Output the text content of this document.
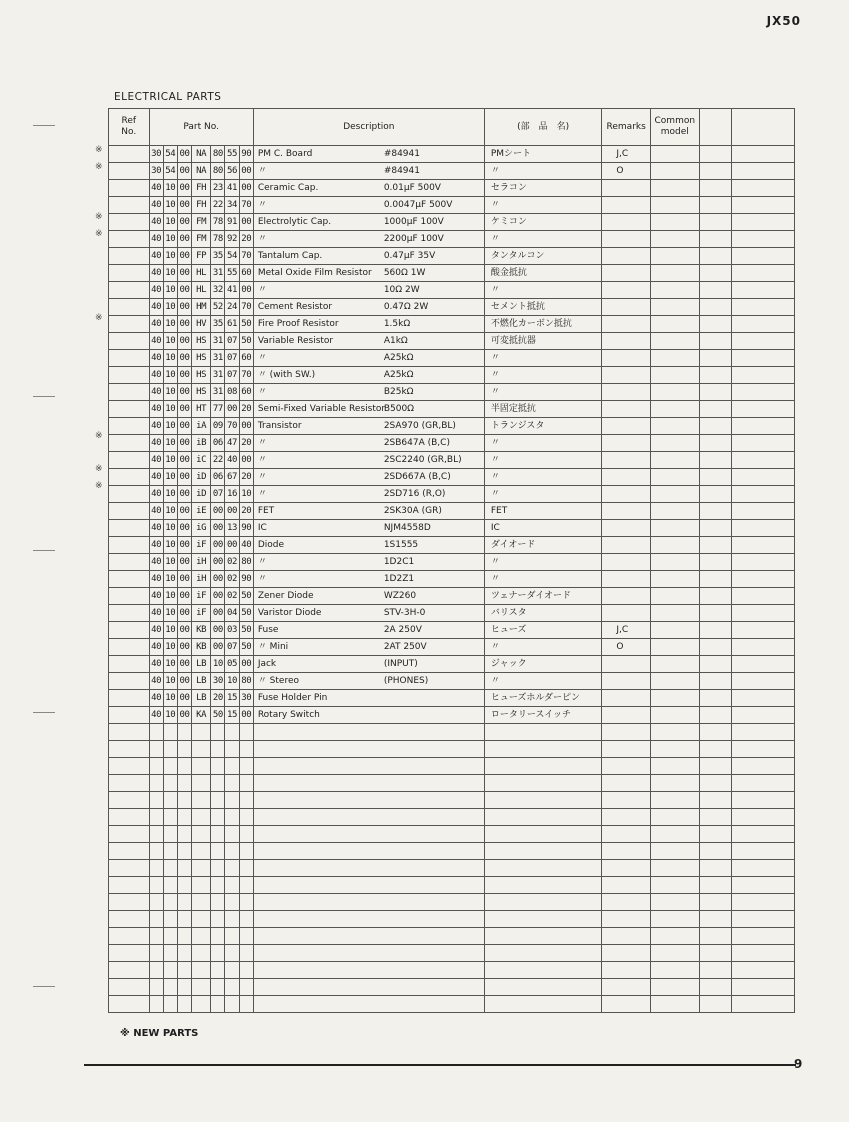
JX50
ELECTRICAL PARTS
※
※
※
※
※
※
※
※
Ref
No.	Part No.							Description	(部　品　名)	Remarks	Common model		
	30	54	00	NA	80	55	90	PM C. Board #84941	PMシート	J,C			
	30	54	00	NA	80	56	00	〃 #84941	〃	O			
	40	10	00	FH	23	41	00	Ceramic Cap. 0.01μF 500V	セラコン				
	40	10	00	FH	22	34	70	〃 0.0047μF 500V	〃				
	40	10	00	FM	78	91	00	Electrolytic Cap. 1000μF 100V	ケミコン				
	40	10	00	FM	78	92	20	〃 2200μF 100V	〃				
	40	10	00	FP	35	54	70	Tantalum Cap. 0.47μF 35V	タンタルコン				
	40	10	00	HL	31	55	60	Metal Oxide Film Resistor 560Ω 1W	酸金抵抗				
	40	10	00	HL	32	41	00	〃 10Ω 2W	〃				
	40	10	00	HM	52	24	70	Cement Resistor 0.47Ω 2W	セメント抵抗				
	40	10	00	HV	35	61	50	Fire Proof Resistor 1.5kΩ	不燃化カーボン抵抗				
	40	10	00	HS	31	07	50	Variable Resistor A1kΩ	可変抵抗器				
	40	10	00	HS	31	07	60	〃 A25kΩ	〃				
	40	10	00	HS	31	07	70	〃 (with SW.) A25kΩ	〃				
	40	10	00	HS	31	08	60	〃 B25kΩ	〃				
	40	10	00	HT	77	00	20	Semi-Fixed Variable ResistorB500Ω	半固定抵抗				
	40	10	00	iA	09	70	00	Transistor 2SA970 (GR,BL)	トランジスタ				
	40	10	00	iB	06	47	20	〃 2SB647A (B,C)	〃				
	40	10	00	iC	22	40	00	〃 2SC2240 (GR,BL)	〃				
	40	10	00	iD	06	67	20	〃 2SD667A (B,C)	〃				
	40	10	00	iD	07	16	10	〃 2SD716 (R,O)	〃				
	40	10	00	iE	00	00	20	FET 2SK30A (GR)	FET				
	40	10	00	iG	00	13	90	IC NJM4558D	IC				
	40	10	00	iF	00	00	40	Diode 1S1555	ダイオード				
	40	10	00	iH	00	02	80	〃 1D2C1	〃				
	40	10	00	iH	00	02	90	〃 1D2Z1	〃				
	40	10	00	iF	00	02	50	Zener Diode WZ260	ツェナーダイオード				
	40	10	00	iF	00	04	50	Varistor Diode STV-3H-0	バリスタ				
	40	10	00	KB	00	03	50	Fuse 2A 250V	ヒューズ	J,C			
	40	10	00	KB	00	07	50	〃 Mini 2AT 250V	〃	O			
	40	10	00	LB	10	05	00	Jack (INPUT)	ジャック				
	40	10	00	LB	30	10	80	〃 Stereo (PHONES)	〃				
	40	10	00	LB	20	15	30	Fuse Holder Pin	ヒューズホルダーピン				
	40	10	00	KA	50	15	00	Rotary Switch	ロータリースイッチ				

※ NEW PARTS
9
